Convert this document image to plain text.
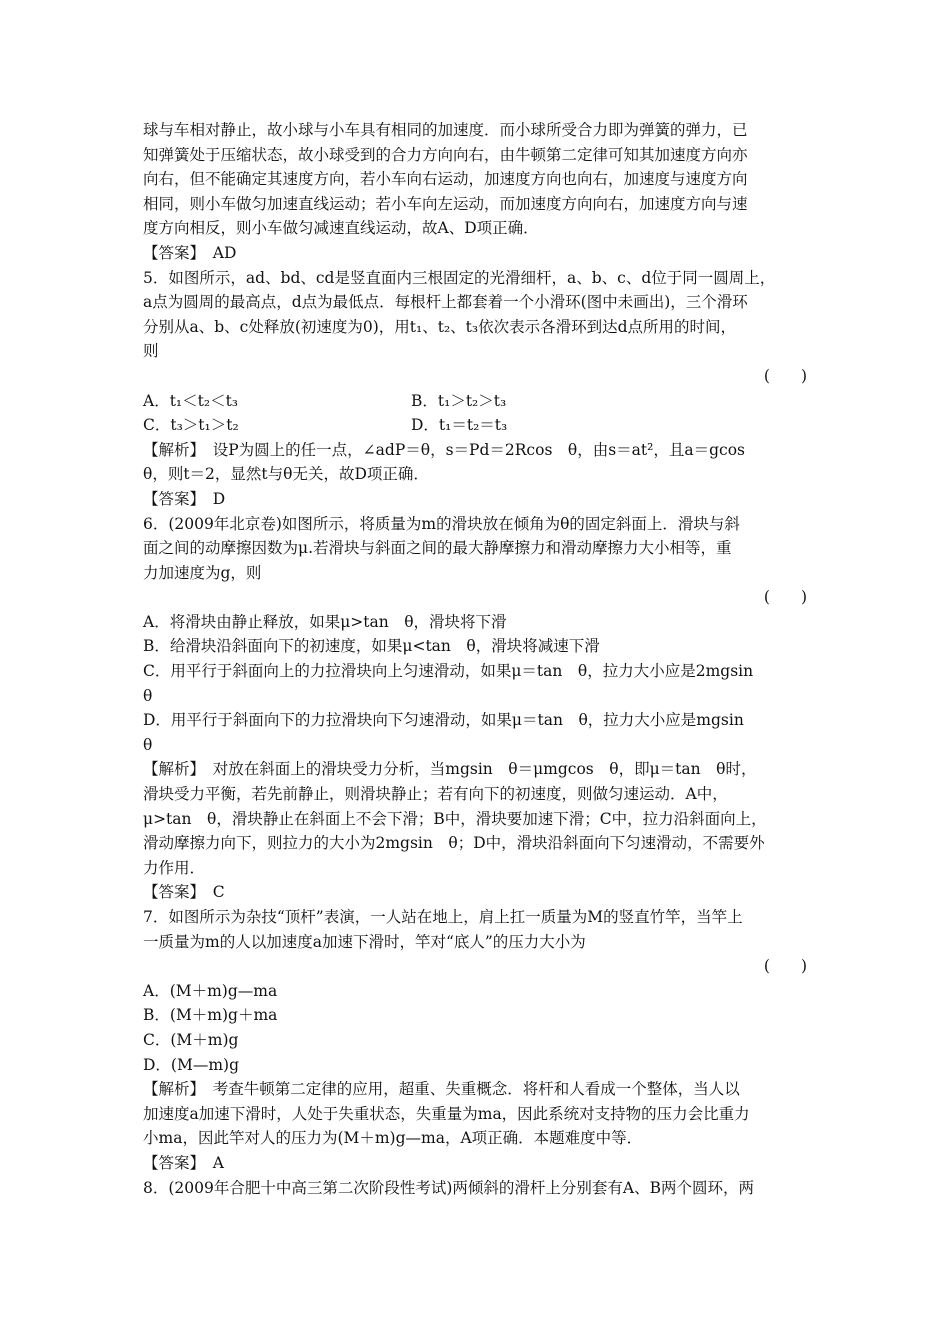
球与车相对静止，故小球与小车具有相同的加速度．而小球所受合力即为弹簧的弹力，已

知弹簧处于压缩状态，故小球受到的合力方向向右，由牛顿第二定律可知其加速度方向亦

向右，但不能确定其速度方向，若小车向右运动，加速度方向也向右，加速度与速度方向

相同，则小车做匀加速直线运动；若小车向左运动，而加速度方向向右，加速度方向与速

度方向相反，则小车做匀减速直线运动，故A、D项正确．

【答案】　AD

5．如图所示，ad、bd、cd是竖直面内三根固定的光滑细杆，a、b、c、d位于同一圆周上，

a点为圆周的最高点，d点为最低点．每根杆上都套着一个小滑环(图中未画出)，三个滑环

分别从a、b、c处释放(初速度为0)，用t₁、t₂、t₃依次表示各滑环到达d点所用的时间，

则

(　　)

A．t₁＜t₂＜t₃	B．t₁＞t₂＞t₃
C．t₃＞t₁＞t₂	D．t₁＝t₂＝t₃

【解析】　设P为圆上的任一点，∠adP＝θ，s＝Pd＝2Rcos　θ，由s＝at²，且a＝gcos

θ，则t＝2，显然t与θ无关，故D项正确．

【答案】　D

6．(2009年北京卷)如图所示，将质量为m的滑块放在倾角为θ的固定斜面上．滑块与斜

面之间的动摩擦因数为μ.若滑块与斜面之间的最大静摩擦力和滑动摩擦力大小相等，重

力加速度为g，则

(　　)

A．将滑块由静止释放，如果μ>tan　θ，滑块将下滑

B．给滑块沿斜面向下的初速度，如果μ<tan　θ，滑块将减速下滑

C．用平行于斜面向上的力拉滑块向上匀速滑动，如果μ＝tan　θ，拉力大小应是2mgsin

θ

D．用平行于斜面向下的力拉滑块向下匀速滑动，如果μ＝tan　θ，拉力大小应是mgsin

θ

【解析】　对放在斜面上的滑块受力分析，当mgsin　θ＝μmgcos　θ，即μ＝tan　θ时，

滑块受力平衡，若先前静止，则滑块静止；若有向下的初速度，则做匀速运动．A中，

μ>tan　θ，滑块静止在斜面上不会下滑；B中，滑块要加速下滑；C中，拉力沿斜面向上，

滑动摩擦力向下，则拉力的大小为2mgsin　θ；D中，滑块沿斜面向下匀速滑动，不需要外

力作用．

【答案】　C

7．如图所示为杂技“顶杆”表演，一人站在地上，肩上扛一质量为M的竖直竹竿，当竿上

一质量为m的人以加速度a加速下滑时，竿对“底人”的压力大小为

(　　)

A．(M＋m)g—ma

B．(M＋m)g＋ma

C．(M＋m)g

D．(M—m)g

【解析】　考查牛顿第二定律的应用，超重、失重概念．将杆和人看成一个整体，当人以

加速度a加速下滑时，人处于失重状态，失重量为ma，因此系统对支持物的压力会比重力

小ma，因此竿对人的压力为(M＋m)g—ma，A项正确．本题难度中等．

【答案】　A

8．(2009年合肥十中高三第二次阶段性考试)两倾斜的滑杆上分别套有A、B两个圆环，两
